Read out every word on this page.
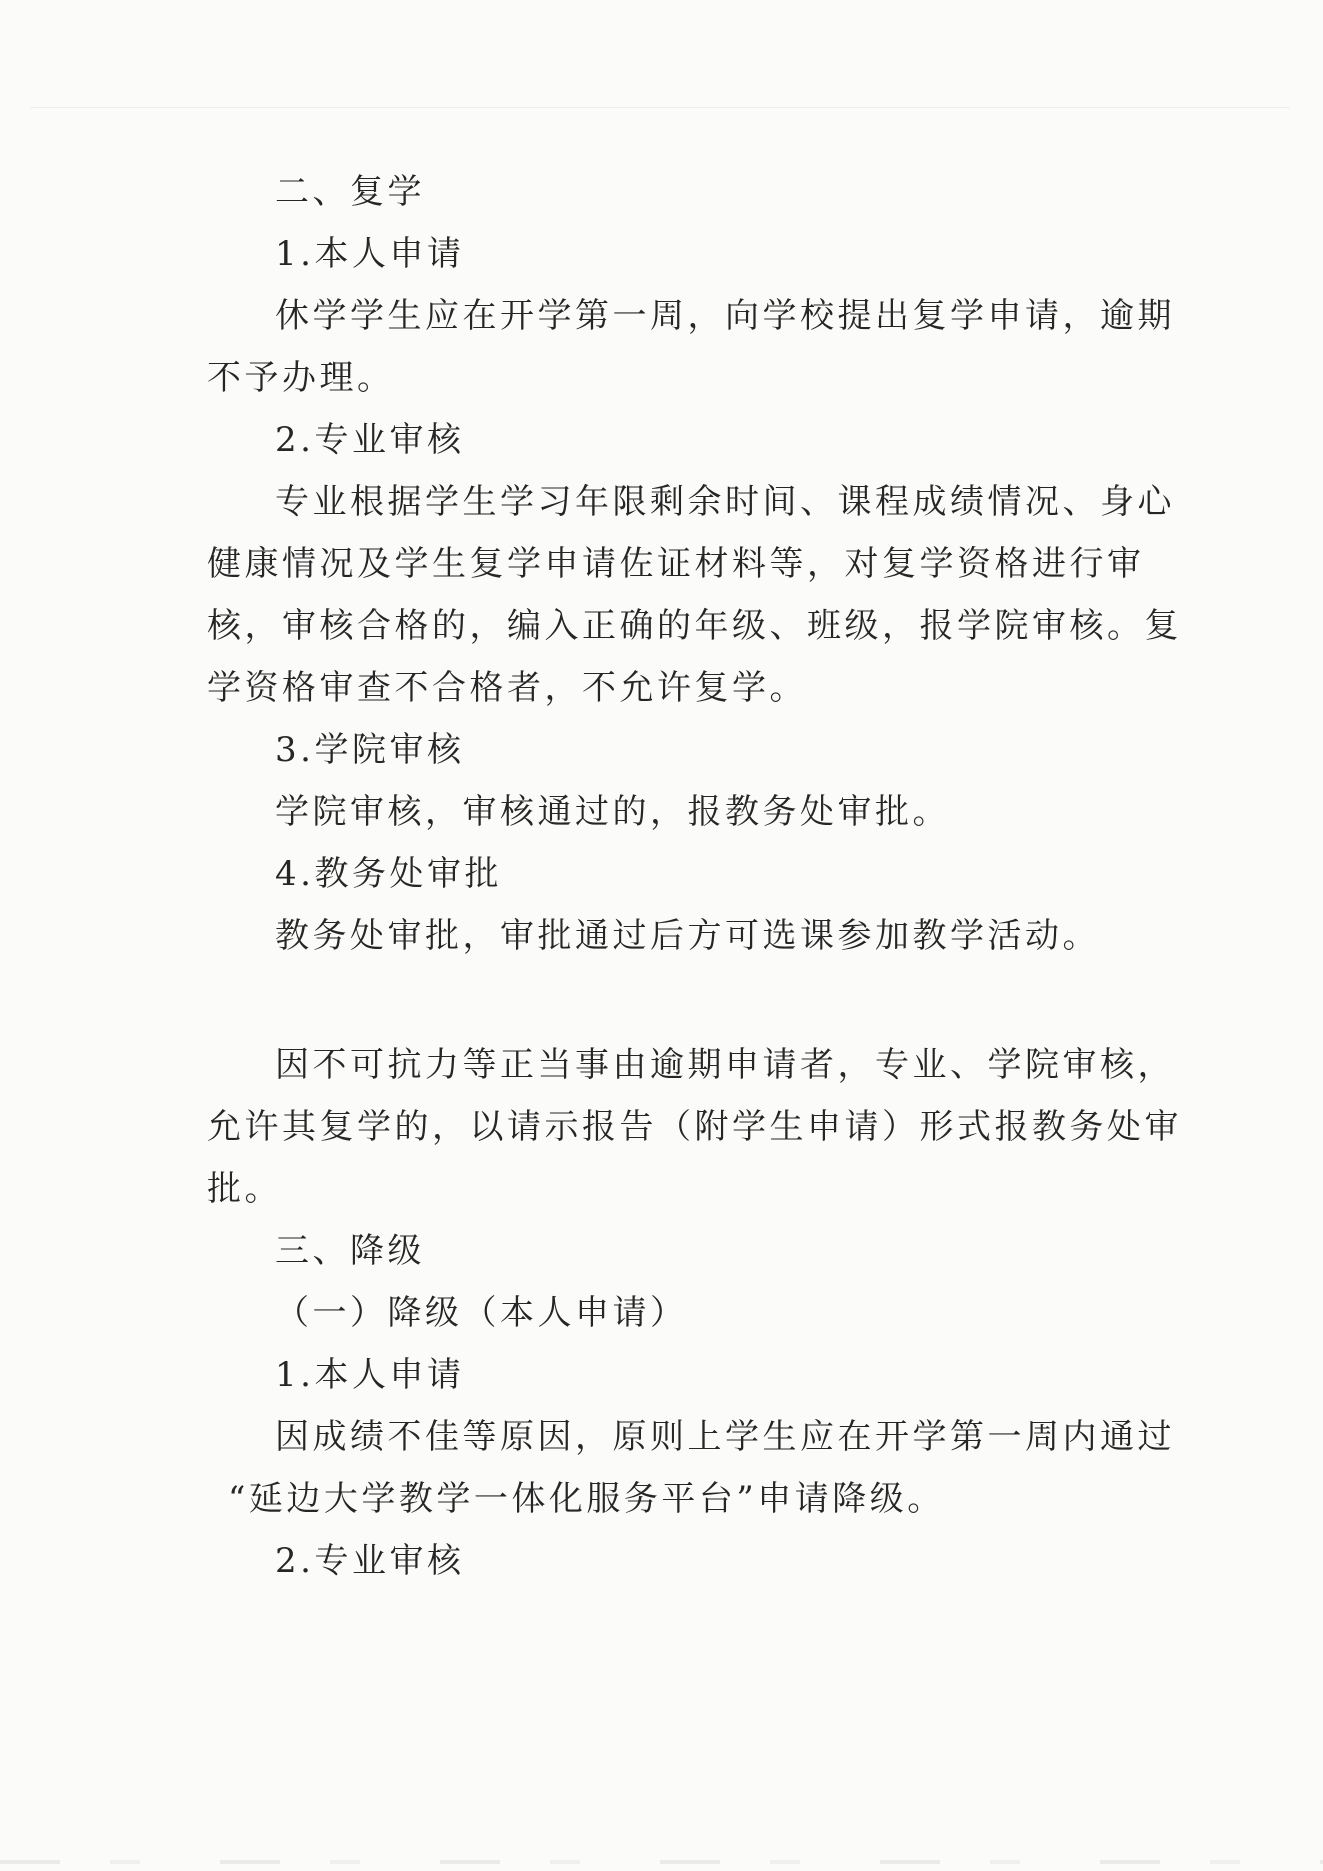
二、复学
1.本人申请
休学学生应在开学第一周，向学校提出复学申请，逾期
不予办理。
2.专业审核
专业根据学生学习年限剩余时间、课程成绩情况、身心
健康情况及学生复学申请佐证材料等，对复学资格进行审
核，审核合格的，编入正确的年级、班级，报学院审核。复
学资格审查不合格者，不允许复学。
3.学院审核
学院审核，审核通过的，报教务处审批。
4.教务处审批
教务处审批，审批通过后方可选课参加教学活动。
因不可抗力等正当事由逾期申请者，专业、学院审核，
允许其复学的，以请示报告（附学生申请）形式报教务处审
批。
三、降级
（一）降级（本人申请）
1.本人申请
因成绩不佳等原因，原则上学生应在开学第一周内通过
“延边大学教学一体化服务平台”申请降级。
2.专业审核
